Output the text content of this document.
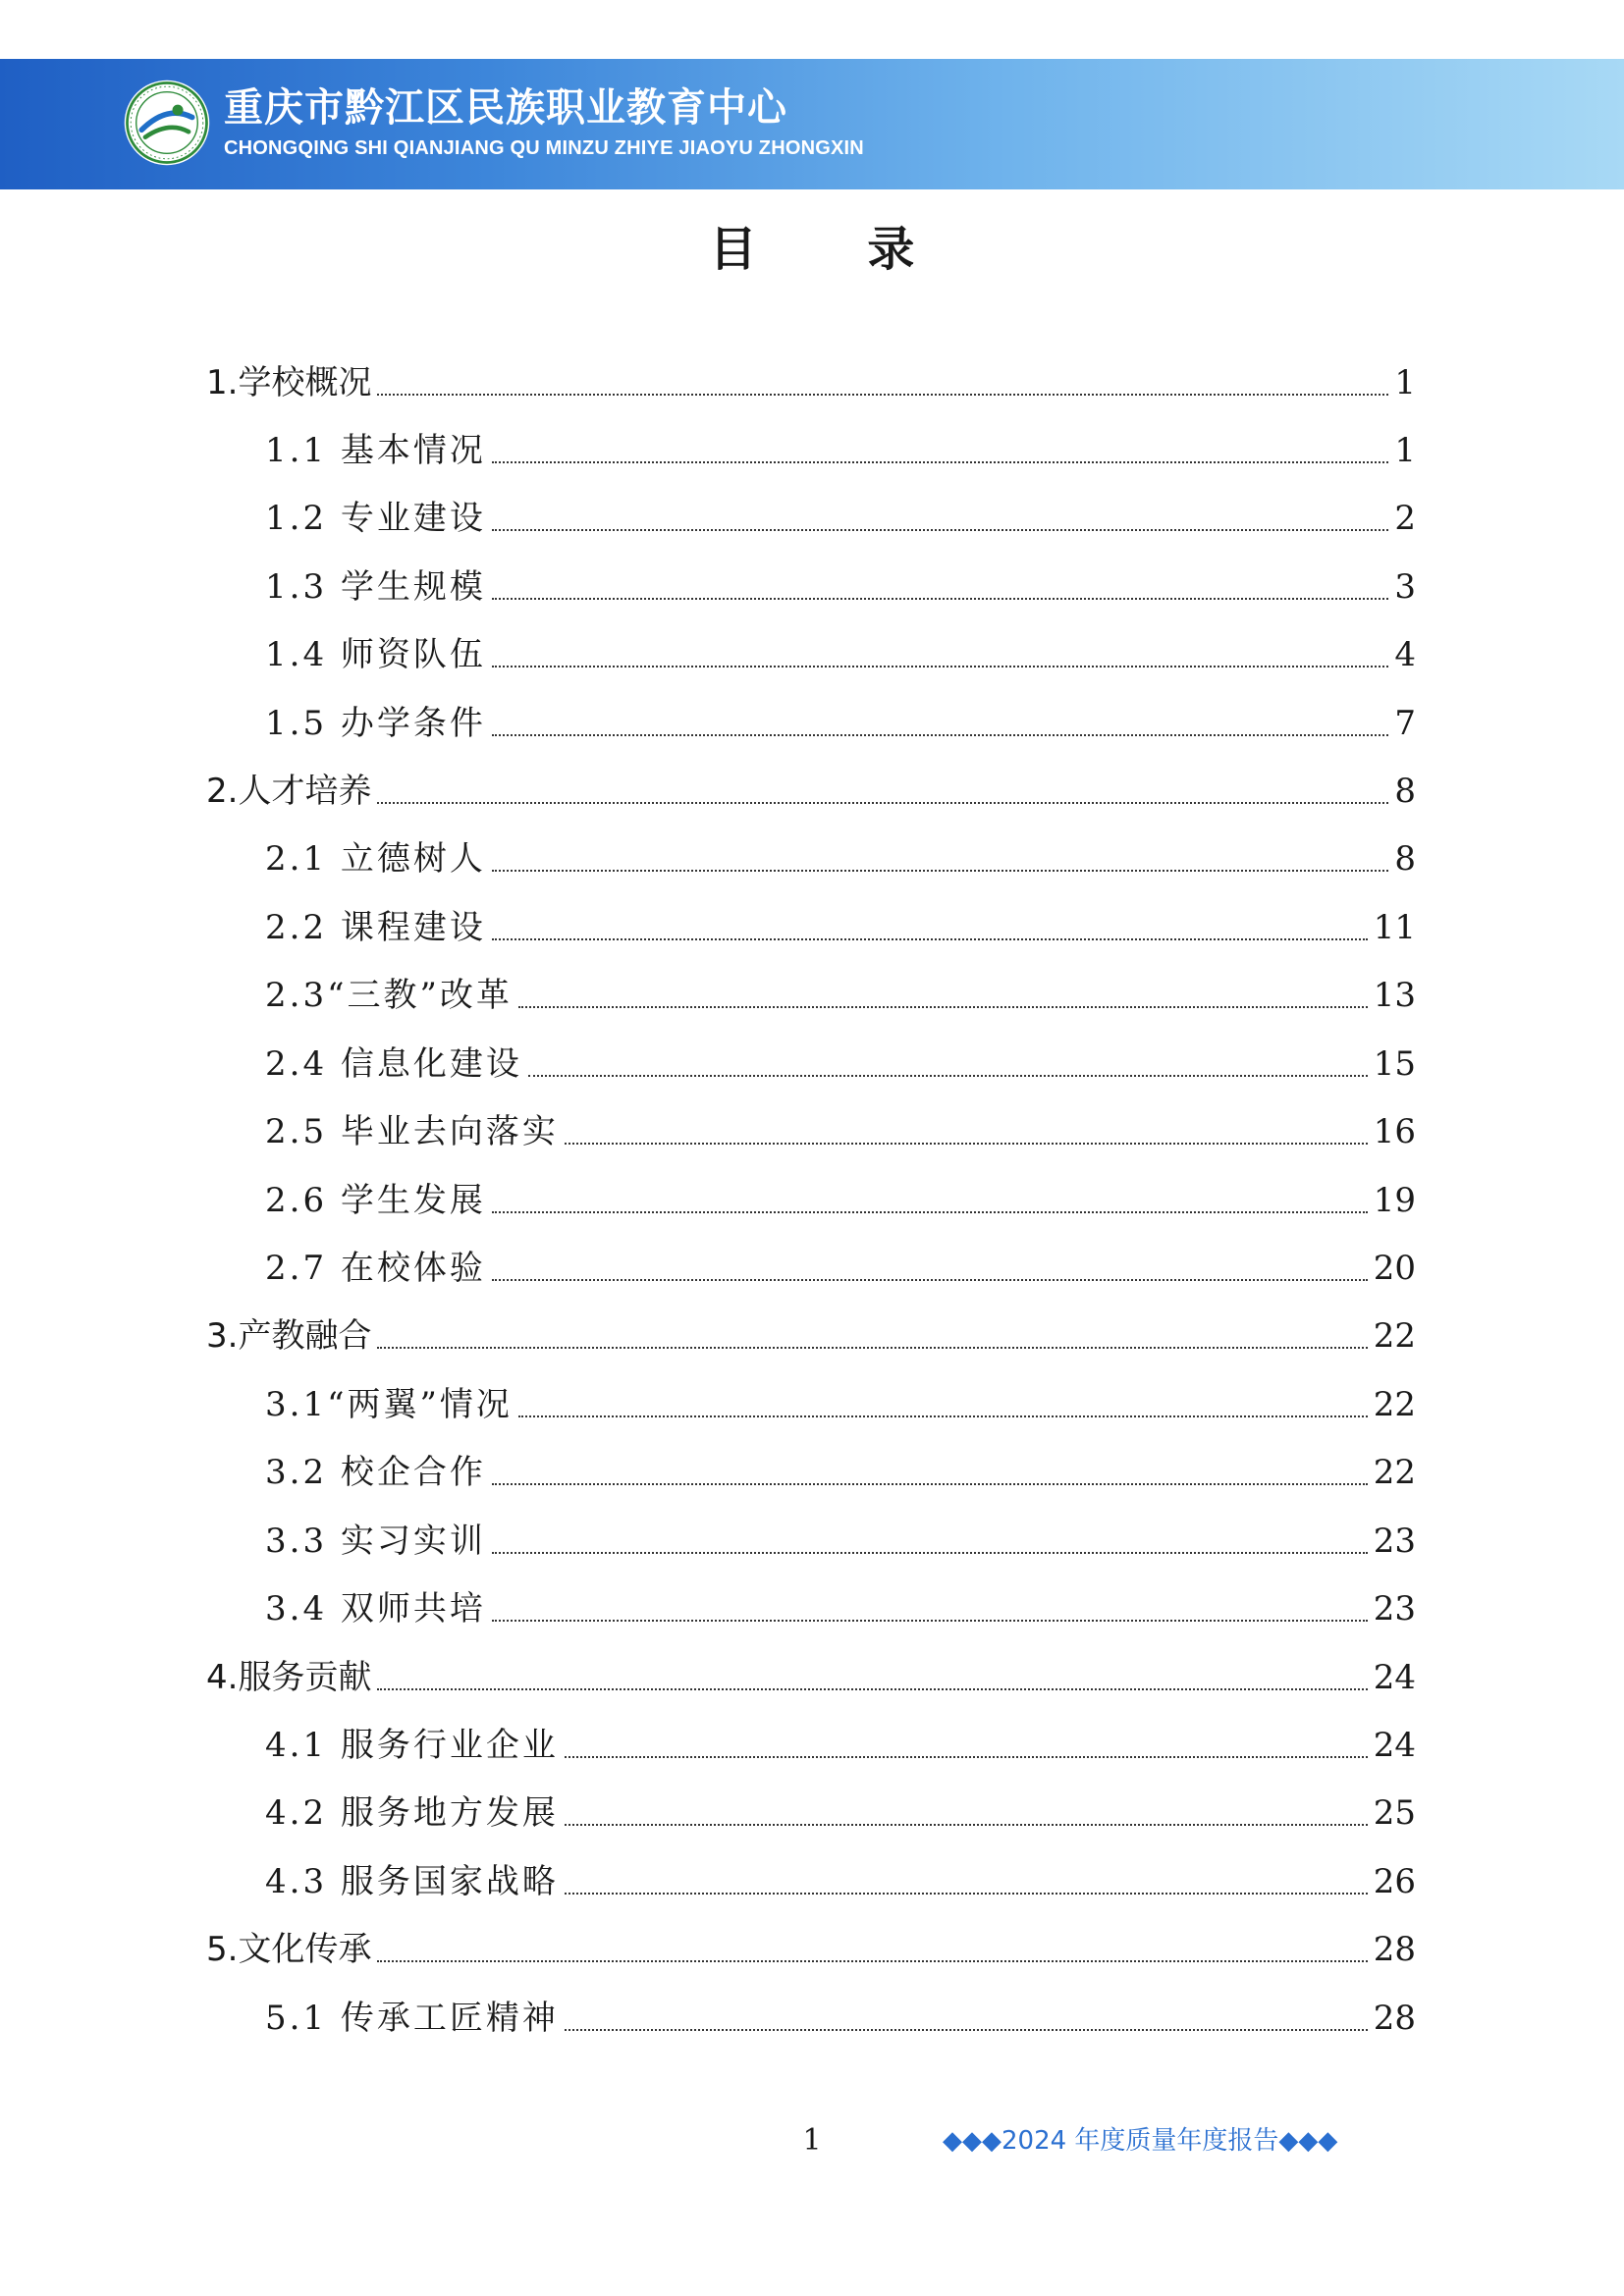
重庆市黔江区民族职业教育中心
CHONGQING SHI QIANJIANG QU MINZU ZHIYE JIAOYU ZHONGXIN
目 录
1.学校概况	1
1.1 基本情况	1
1.2 专业建设	2
1.3 学生规模	3
1.4 师资队伍	4
1.5 办学条件	7
2.人才培养	8
2.1 立德树人	8
2.2 课程建设	11
2.3“三教”改革	13
2.4 信息化建设	15
2.5 毕业去向落实	16
2.6 学生发展	19
2.7 在校体验	20
3.产教融合	22
3.1“两翼”情况	22
3.2 校企合作	22
3.3 实习实训	23
3.4 双师共培	23
4.服务贡献	24
4.1 服务行业企业	24
4.2 服务地方发展	25
4.3 服务国家战略	26
5.文化传承	28
5.1 传承工匠精神	28
1	◆◆◆2024 年度质量年度报告◆◆◆
